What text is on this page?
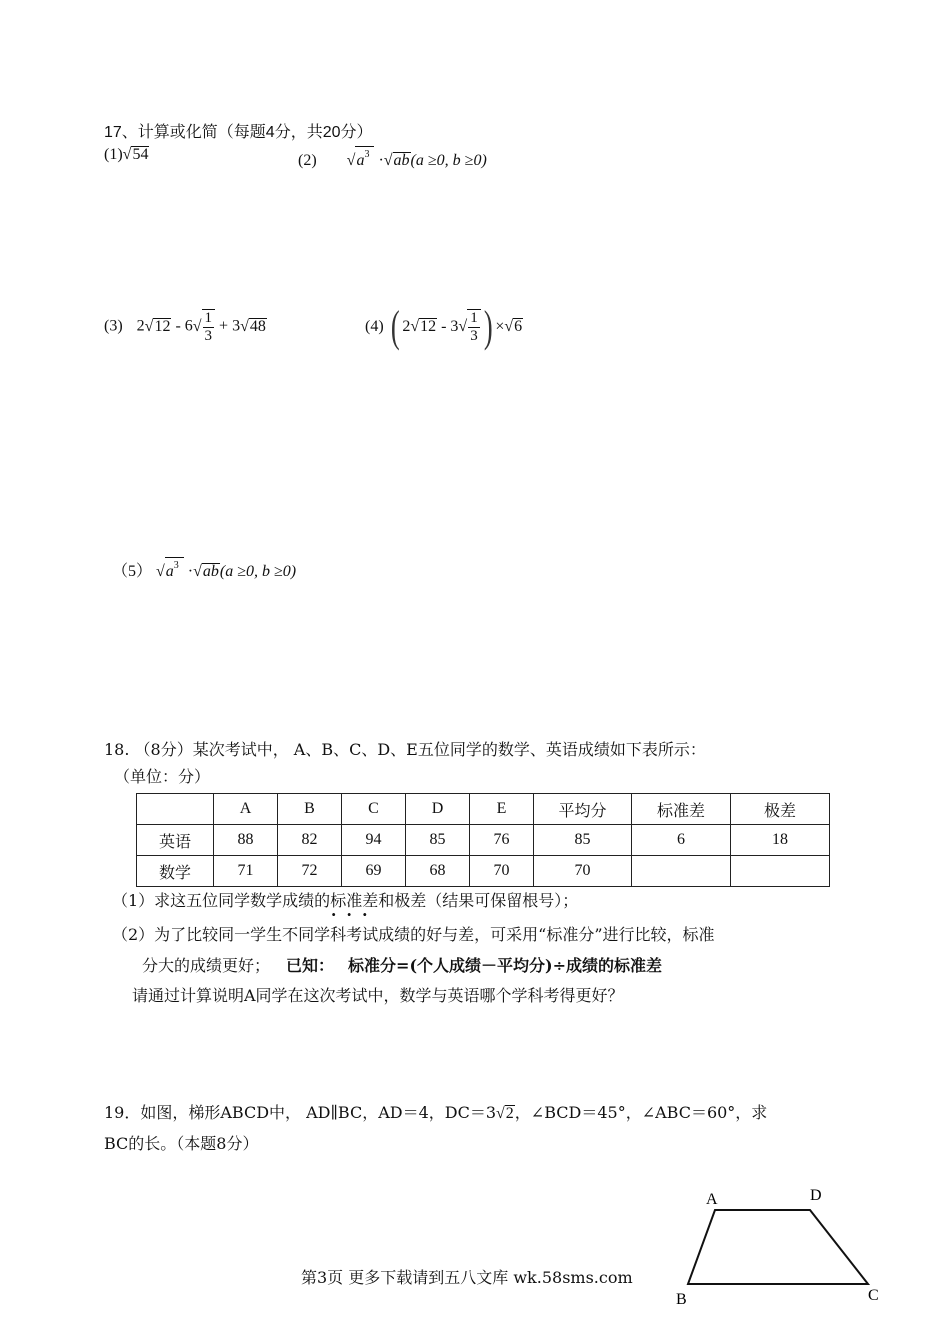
17、计算或化简（每题4分，共20分）
(1)√54	(2) $√a^3 \cdot√ab(a \ge 0$, b ≥0)
(3) $2√12 - 6√ \frac{1}{3} + 3√48$	(4) ( $2√12 - 3√ \frac{1}{3}$ ) ×√6
（5） $√a^3 \cdot√ab(a \ge 0$, b ≥0)
18. （8分）某次考试中， A、B、C、D、E五位同学的数学、英语成绩如下表所示：
（单位：分）
	A	B	C	D	E	平均分	标准差	极差
英语	88	82	94	85	76	85	6	18
数学	71	72	69	68	70	70		
（1）求这五位同学数学成绩的标准差
···
和极差（结果可保留根号）；
（2）为了比较同一学生不同学科考试成绩的好与差，可采用“标准分”进行比较，标准
分大的成绩更好； 已知： 标准分=(个人成绩－平均分)÷成绩的标准差
请通过计算说明A同学在这次考试中，数学与英语哪个学科考得更好？
19．如图，梯形ABCD中， AD∥BC，AD＝4，DC＝3√2，∠BCD＝45°，∠ABC＝60°，求
BC的长。（本题8分）
A	D
B	C
第3页 更多下载请到五八文库 wk.58sms.com
